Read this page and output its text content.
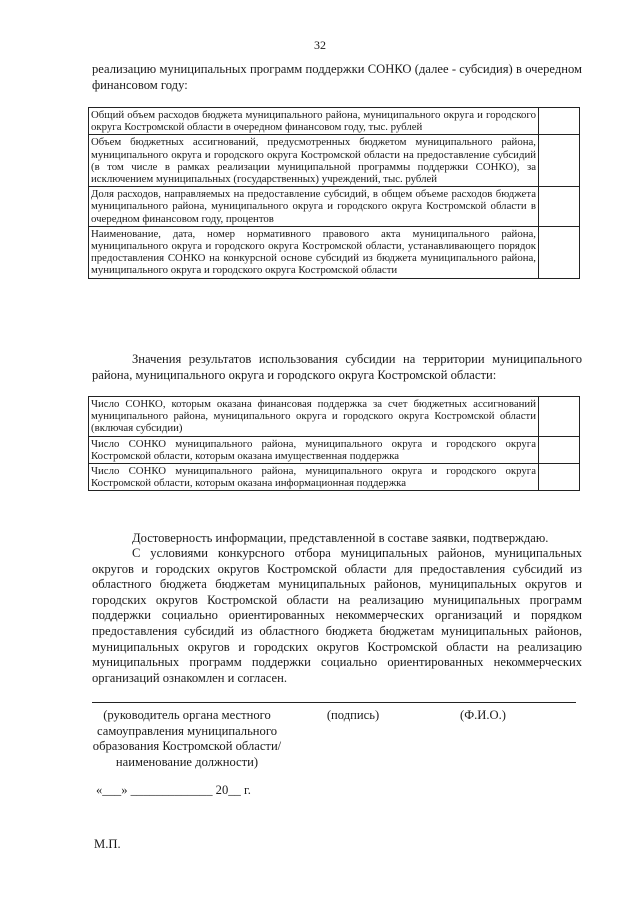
32
реализацию муниципальных программ поддержки СОНКО (далее - субсидия) в очередном финансовом году:
Общий объем расходов бюджета муниципального района, муниципального округа и городского округа Костромской области в очередном финансовом году, тыс. рублей	
Объем бюджетных ассигнований, предусмотренных бюджетом муниципального района, муниципального округа и городского округа Костромской области на предоставление субсидий (в том числе в рамках реализации муниципальной программы поддержки СОНКО), за исключением муниципальных (государственных) учреждений, тыс. рублей	
Доля расходов, направляемых на предоставление субсидий, в общем объеме расходов бюджета муниципального района, муниципального округа и городского округа Костромской области в очередном финансовом году, процентов	
Наименование, дата, номер нормативного правового акта муниципального района, муниципального округа и городского округа Костромской области, устанавливающего порядок предоставления СОНКО на конкурсной основе субсидий из бюджета муниципального района, муниципального округа и городского округа Костромской области	
Значения результатов использования субсидии на территории муниципального района, муниципального округа и городского округа Костромской области:
Число СОНКО, которым оказана финансовая поддержка за счет бюджетных ассигнований муниципального района, муниципального округа и городского округа Костромской области (включая субсидии)	
Число СОНКО муниципального района, муниципального округа и городского округа Костромской области, которым оказана имущественная поддержка	
Число СОНКО муниципального района, муниципального округа и городского округа Костромской области, которым оказана информационная поддержка	
Достоверность информации, представленной в составе заявки, подтверждаю.
С условиями конкурсного отбора муниципальных районов, муниципальных округов и городских округов Костромской области для предоставления субсидий из областного бюджета бюджетам муниципальных районов, муниципальных округов и городских округов Костромской области на реализацию муниципальных программ поддержки социально ориентированных некоммерческих организаций и порядком предоставления субсидий из областного бюджета бюджетам муниципальных районов, муниципальных округов и городских округов Костромской области на реализацию муниципальных программ поддержки социально ориентированных некоммерческих организаций ознакомлен и согласен.
(руководитель органа местного
самоуправления муниципального
образования Костромской области/
наименование должности)
(подпись)	(Ф.И.О.)
«___» _____________ 20__ г.
М.П.
